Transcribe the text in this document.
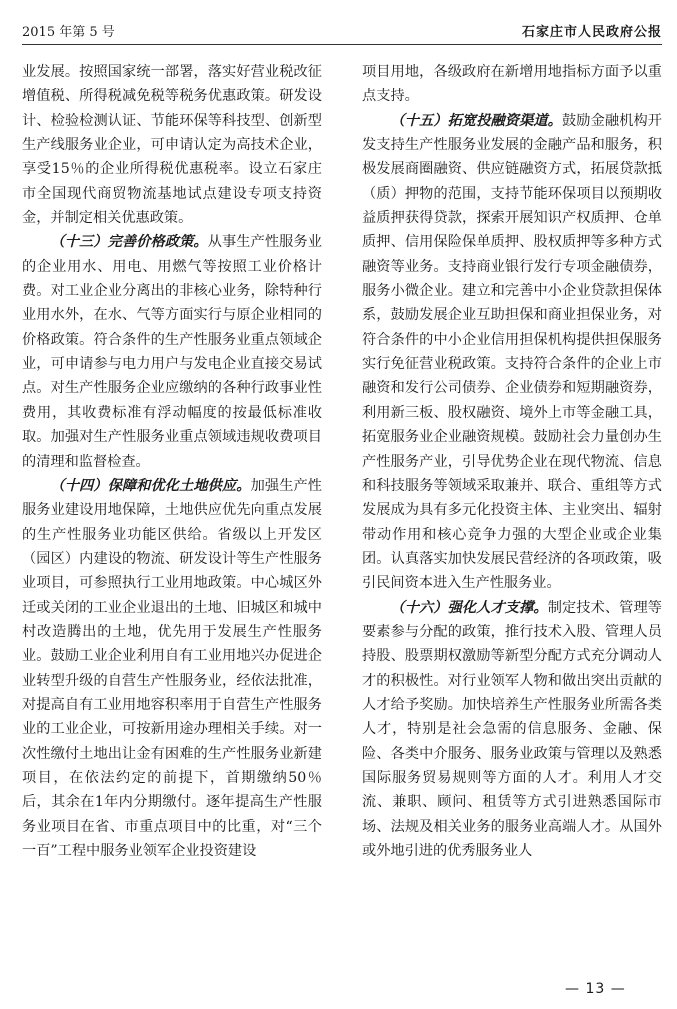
2015 年第 5 号	石家庄市人民政府公报

业发展。按照国家统一部署，落实好营业税改征增值税、所得税减免税等税务优惠政策。研发设计、检验检测认证、节能环保等科技型、创新型生产线服务业企业，可申请认定为高技术企业，享受15％的企业所得税优惠税率。设立石家庄市全国现代商贸物流基地试点建设专项支持资金，并制定相关优惠政策。

（十三）完善价格政策。从事生产性服务业的企业用水、用电、用燃气等按照工业价格计费。对工业企业分离出的非核心业务，除特种行业用水外，在水、气等方面实行与原企业相同的价格政策。符合条件的生产性服务业重点领域企业，可申请参与电力用户与发电企业直接交易试点。对生产性服务企业应缴纳的各种行政事业性费用，其收费标准有浮动幅度的按最低标准收取。加强对生产性服务业重点领域违规收费项目的清理和监督检查。

（十四）保障和优化土地供应。加强生产性服务业建设用地保障，土地供应优先向重点发展的生产性服务业功能区供给。省级以上开发区（园区）内建设的物流、研发设计等生产性服务业项目，可参照执行工业用地政策。中心城区外迁或关闭的工业企业退出的土地、旧城区和城中村改造腾出的土地，优先用于发展生产性服务业。鼓励工业企业利用自有工业用地兴办促进企业转型升级的自营生产性服务业，经依法批准，对提高自有工业用地容积率用于自营生产性服务业的工业企业，可按新用途办理相关手续。对一次性缴付土地出让金有困难的生产性服务业新建项目，在依法约定的前提下，首期缴纳50％后，其余在1年内分期缴付。逐年提高生产性服务业项目在省、市重点项目中的比重，对“三个一百”工程中服务业领军企业投资建设

项目用地，各级政府在新增用地指标方面予以重点支持。

（十五）拓宽投融资渠道。鼓励金融机构开发支持生产性服务业发展的金融产品和服务，积极发展商圈融资、供应链融资方式，拓展贷款抵（质）押物的范围，支持节能环保项目以预期收益质押获得贷款，探索开展知识产权质押、仓单质押、信用保险保单质押、股权质押等多种方式融资等业务。支持商业银行发行专项金融债券，服务小微企业。建立和完善中小企业贷款担保体系，鼓励发展企业互助担保和商业担保业务，对符合条件的中小企业信用担保机构提供担保服务实行免征营业税政策。支持符合条件的企业上市融资和发行公司债券、企业债券和短期融资券，利用新三板、股权融资、境外上市等金融工具，拓宽服务业企业融资规模。鼓励社会力量创办生产性服务产业，引导优势企业在现代物流、信息和科技服务等领域采取兼并、联合、重组等方式发展成为具有多元化投资主体、主业突出、辐射带动作用和核心竞争力强的大型企业或企业集团。认真落实加快发展民营经济的各项政策，吸引民间资本进入生产性服务业。

（十六）强化人才支撑。制定技术、管理等要素参与分配的政策，推行技术入股、管理人员持股、股票期权激励等新型分配方式充分调动人才的积极性。对行业领军人物和做出突出贡献的人才给予奖励。加快培养生产性服务业所需各类人才，特别是社会急需的信息服务、金融、保险、各类中介服务、服务业政策与管理以及熟悉国际服务贸易规则等方面的人才。利用人才交流、兼职、顾问、租赁等方式引进熟悉国际市场、法规及相关业务的服务业高端人才。从国外或外地引进的优秀服务业人

— 13 —
